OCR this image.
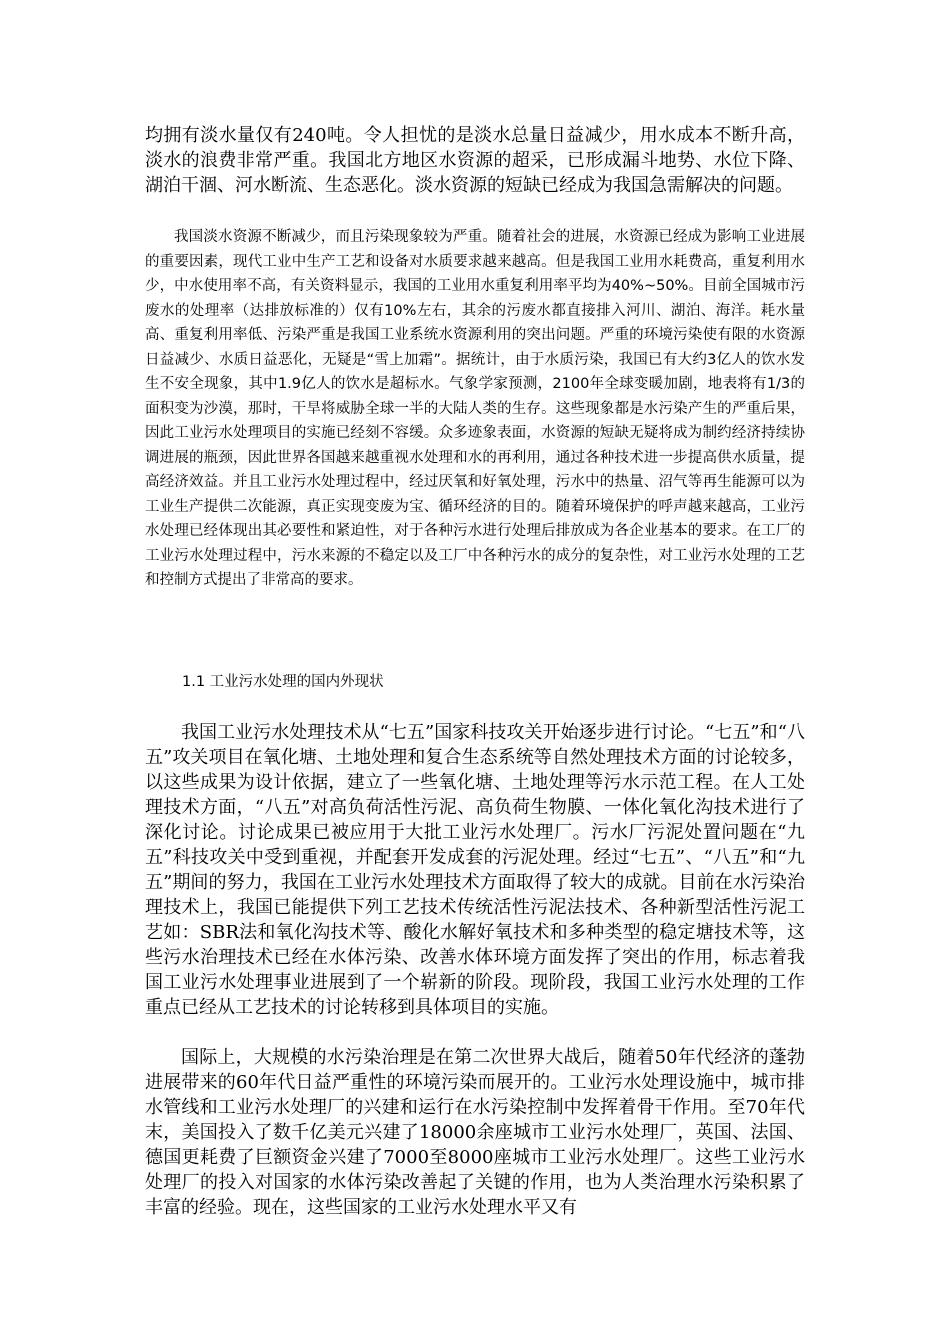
均拥有淡水量仅有240吨。令人担忧的是淡水总量日益减少，用水成本不断升高，淡水的浪费非常严重。我国北方地区水资源的超采，已形成漏斗地势、水位下降、湖泊干涸、河水断流、生态恶化。淡水资源的短缺已经成为我国急需解决的问题。

我国淡水资源不断减少，而且污染现象较为严重。随着社会的进展，水资源已经成为影响工业进展的重要因素，现代工业中生产工艺和设备对水质要求越来越高。但是我国工业用水耗费高，重复利用水少，中水使用率不高，有关资料显示，我国的工业用水重复利用率平均为40%~50%。目前全国城市污废水的处理率（达排放标准的）仅有10%左右，其余的污废水都直接排入河川、湖泊、海洋。耗水量高、重复利用率低、污染严重是我国工业系统水资源利用的突出问题。严重的环境污染使有限的水资源日益减少、水质日益恶化，无疑是“雪上加霜”。据统计，由于水质污染，我国已有大约3亿人的饮水发生不安全现象，其中1.9亿人的饮水是超标水。气象学家预测，2100年全球变暖加剧，地表将有1/3的面积变为沙漠，那时，干旱将威胁全球一半的大陆人类的生存。这些现象都是水污染产生的严重后果，因此工业污水处理项目的实施已经刻不容缓。众多迹象表面，水资源的短缺无疑将成为制约经济持续协调进展的瓶颈，因此世界各国越来越重视水处理和水的再利用，通过各种技术进一步提高供水质量，提高经济效益。并且工业污水处理过程中，经过厌氧和好氧处理，污水中的热量、沼气等再生能源可以为工业生产提供二次能源，真正实现变废为宝、循环经济的目的。随着环境保护的呼声越来越高，工业污水处理已经体现出其必要性和紧迫性，对于各种污水进行处理后排放成为各企业基本的要求。在工厂的工业污水处理过程中，污水来源的不稳定以及工厂中各种污水的成分的复杂性，对工业污水处理的工艺和控制方式提出了非常高的要求。

1.1 工业污水处理的国内外现状

我国工业污水处理技术从“七五”国家科技攻关开始逐步进行讨论。“七五”和“八五”攻关项目在氧化塘、土地处理和复合生态系统等自然处理技术方面的讨论较多，以这些成果为设计依据，建立了一些氧化塘、土地处理等污水示范工程。在人工处理技术方面，“八五”对高负荷活性污泥、高负荷生物膜、一体化氧化沟技术进行了深化讨论。讨论成果已被应用于大批工业污水处理厂。污水厂污泥处置问题在“九五”科技攻关中受到重视，并配套开发成套的污泥处理。经过“七五”、“八五”和“九五”期间的努力，我国在工业污水处理技术方面取得了较大的成就。目前在水污染治理技术上，我国已能提供下列工艺技术传统活性污泥法技术、各种新型活性污泥工艺如：SBR法和氧化沟技术等、酸化水解好氧技术和多种类型的稳定塘技术等，这些污水治理技术已经在水体污染、改善水体环境方面发挥了突出的作用，标志着我国工业污水处理事业进展到了一个崭新的阶段。现阶段，我国工业污水处理的工作重点已经从工艺技术的讨论转移到具体项目的实施。

国际上，大规模的水污染治理是在第二次世界大战后，随着50年代经济的蓬勃进展带来的60年代日益严重性的环境污染而展开的。工业污水处理设施中，城市排水管线和工业污水处理厂的兴建和运行在水污染控制中发挥着骨干作用。至70年代末，美国投入了数千亿美元兴建了18000余座城市工业污水处理厂，英国、法国、德国更耗费了巨额资金兴建了7000至8000座城市工业污水处理厂。这些工业污水处理厂的投入对国家的水体污染改善起了关键的作用，也为人类治理水污染积累了丰富的经验。现在，这些国家的工业污水处理水平又有
